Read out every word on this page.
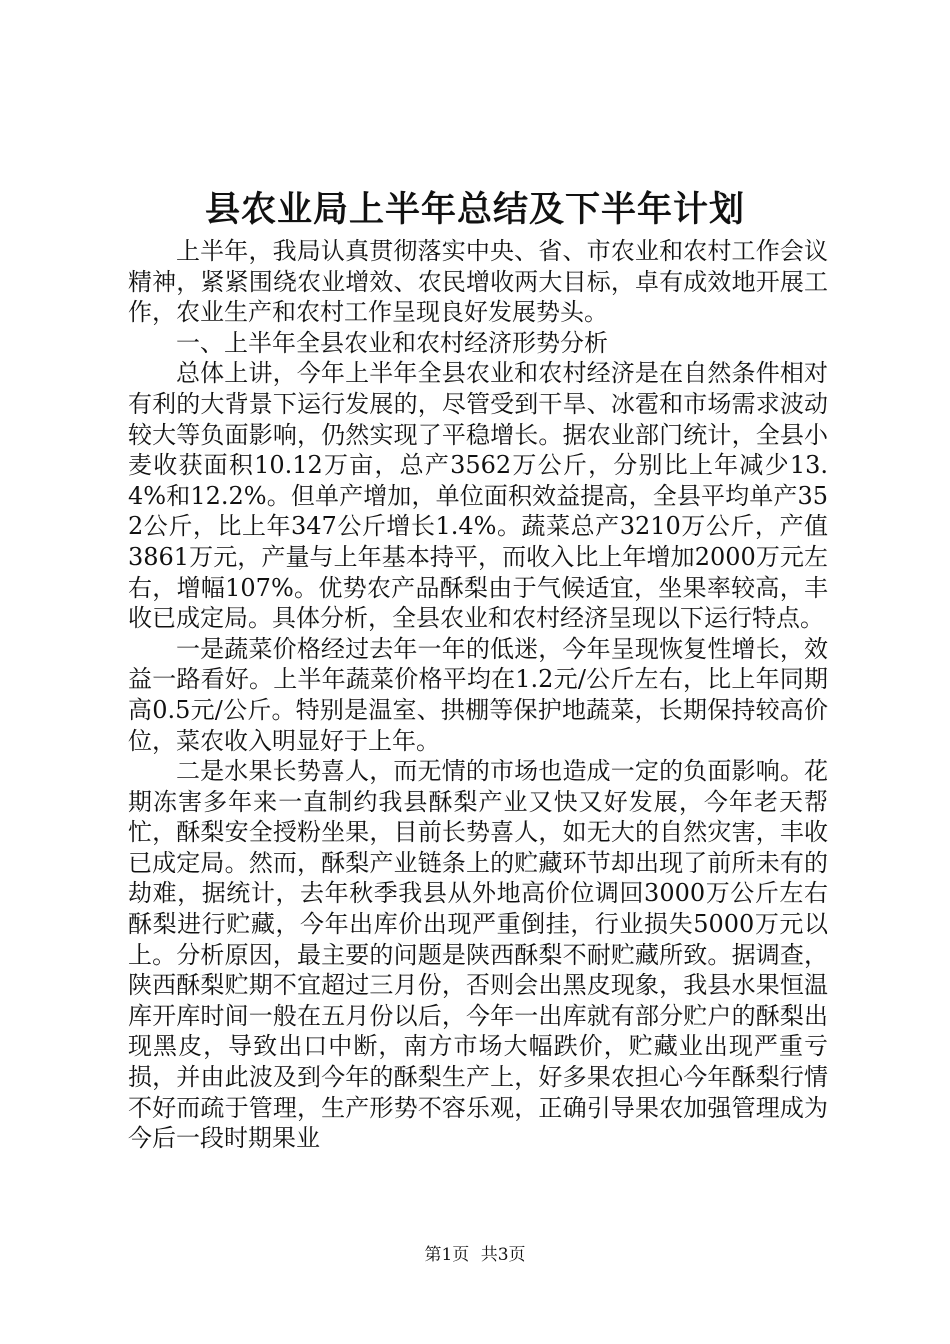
县农业局上半年总结及下半年计划

上半年，我局认真贯彻落实中央、省、市农业和农村工作会议精神，紧紧围绕农业增效、农民增收两大目标，卓有成效地开展工作，农业生产和农村工作呈现良好发展势头。

一、上半年全县农业和农村经济形势分析

总体上讲，今年上半年全县农业和农村经济是在自然条件相对有利的大背景下运行发展的，尽管受到干旱、冰雹和市场需求波动较大等负面影响，仍然实现了平稳增长。据农业部门统计，全县小麦收获面积10.12万亩，总产3562万公斤，分别比上年减少13.4%和12.2%。但单产增加，单位面积效益提高，全县平均单产352公斤，比上年347公斤增长1.4%。蔬菜总产3210万公斤，产值3861万元，产量与上年基本持平，而收入比上年增加2000万元左右，增幅107%。优势农产品酥梨由于气候适宜，坐果率较高，丰收已成定局。具体分析，全县农业和农村经济呈现以下运行特点。

一是蔬菜价格经过去年一年的低迷，今年呈现恢复性增长，效益一路看好。上半年蔬菜价格平均在1.2元/公斤左右，比上年同期高0.5元/公斤。特别是温室、拱棚等保护地蔬菜，长期保持较高价位，菜农收入明显好于上年。

二是水果长势喜人，而无情的市场也造成一定的负面影响。花期冻害多年来一直制约我县酥梨产业又快又好发展，今年老天帮忙，酥梨安全授粉坐果，目前长势喜人，如无大的自然灾害，丰收已成定局。然而，酥梨产业链条上的贮藏环节却出现了前所未有的劫难，据统计，去年秋季我县从外地高价位调回3000万公斤左右酥梨进行贮藏，今年出库价出现严重倒挂，行业损失5000万元以上。分析原因，最主要的问题是陕西酥梨不耐贮藏所致。据调查，陕西酥梨贮期不宜超过三月份，否则会出黑皮现象，我县水果恒温库开库时间一般在五月份以后，今年一出库就有部分贮户的酥梨出现黑皮，导致出口中断，南方市场大幅跌价，贮藏业出现严重亏损，并由此波及到今年的酥梨生产上，好多果农担心今年酥梨行情不好而疏于管理，生产形势不容乐观，正确引导果农加强管理成为今后一段时期果业

第1页 共3页
